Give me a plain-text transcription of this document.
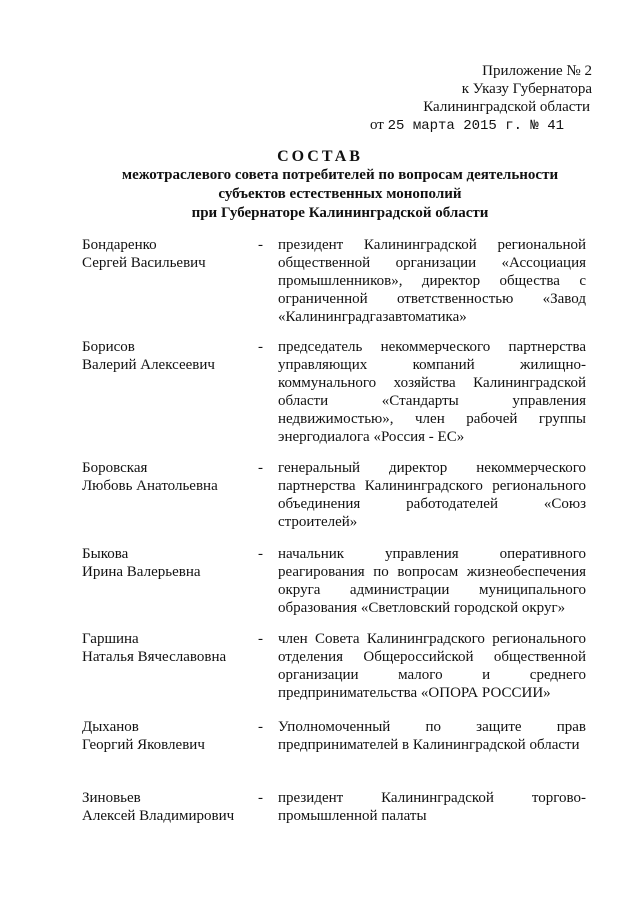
Приложение № 2
к Указу Губернатора
Калининградской области
от 25 марта 2015 г. № 41
СОСТАВ
межотраслевого совета потребителей по вопросам деятельности
субъектов естественных монополий
при Губернаторе Калининградской области
Бондаренко
Сергей Васильевич
- президент Калининградской региональной
общественной организации «Ассоциация
промышленников», директор общества с
ограниченной ответственностью «Завод
«Калининградгазавтоматика»
Борисов
Валерий Алексеевич
- председатель некоммерческого партнерства
управляющих компаний жилищно-
коммунального хозяйства Калининградской
области «Стандарты управления
недвижимостью», член рабочей группы
энергодиалога «Россия - ЕС»
Боровская
Любовь Анатольевна
- генеральный директор некоммерческого
партнерства Калининградского регионального
объединения работодателей «Союз
строителей»
Быкова
Ирина Валерьевна
- начальник управления оперативного
реагирования по вопросам жизнеобеспечения
округа администрации муниципального
образования «Светловский городской округ»
Гаршина
Наталья Вячеславовна
- член Совета Калининградского регионального
отделения Общероссийской общественной
организации малого и среднего
предпринимательства «ОПОРА РОССИИ»
Дыханов
Георгий Яковлевич
- Уполномоченный по защите прав
предпринимателей в Калининградской области
Зиновьев
Алексей Владимирович
- президент Калининградской торгово-
промышленной палаты
